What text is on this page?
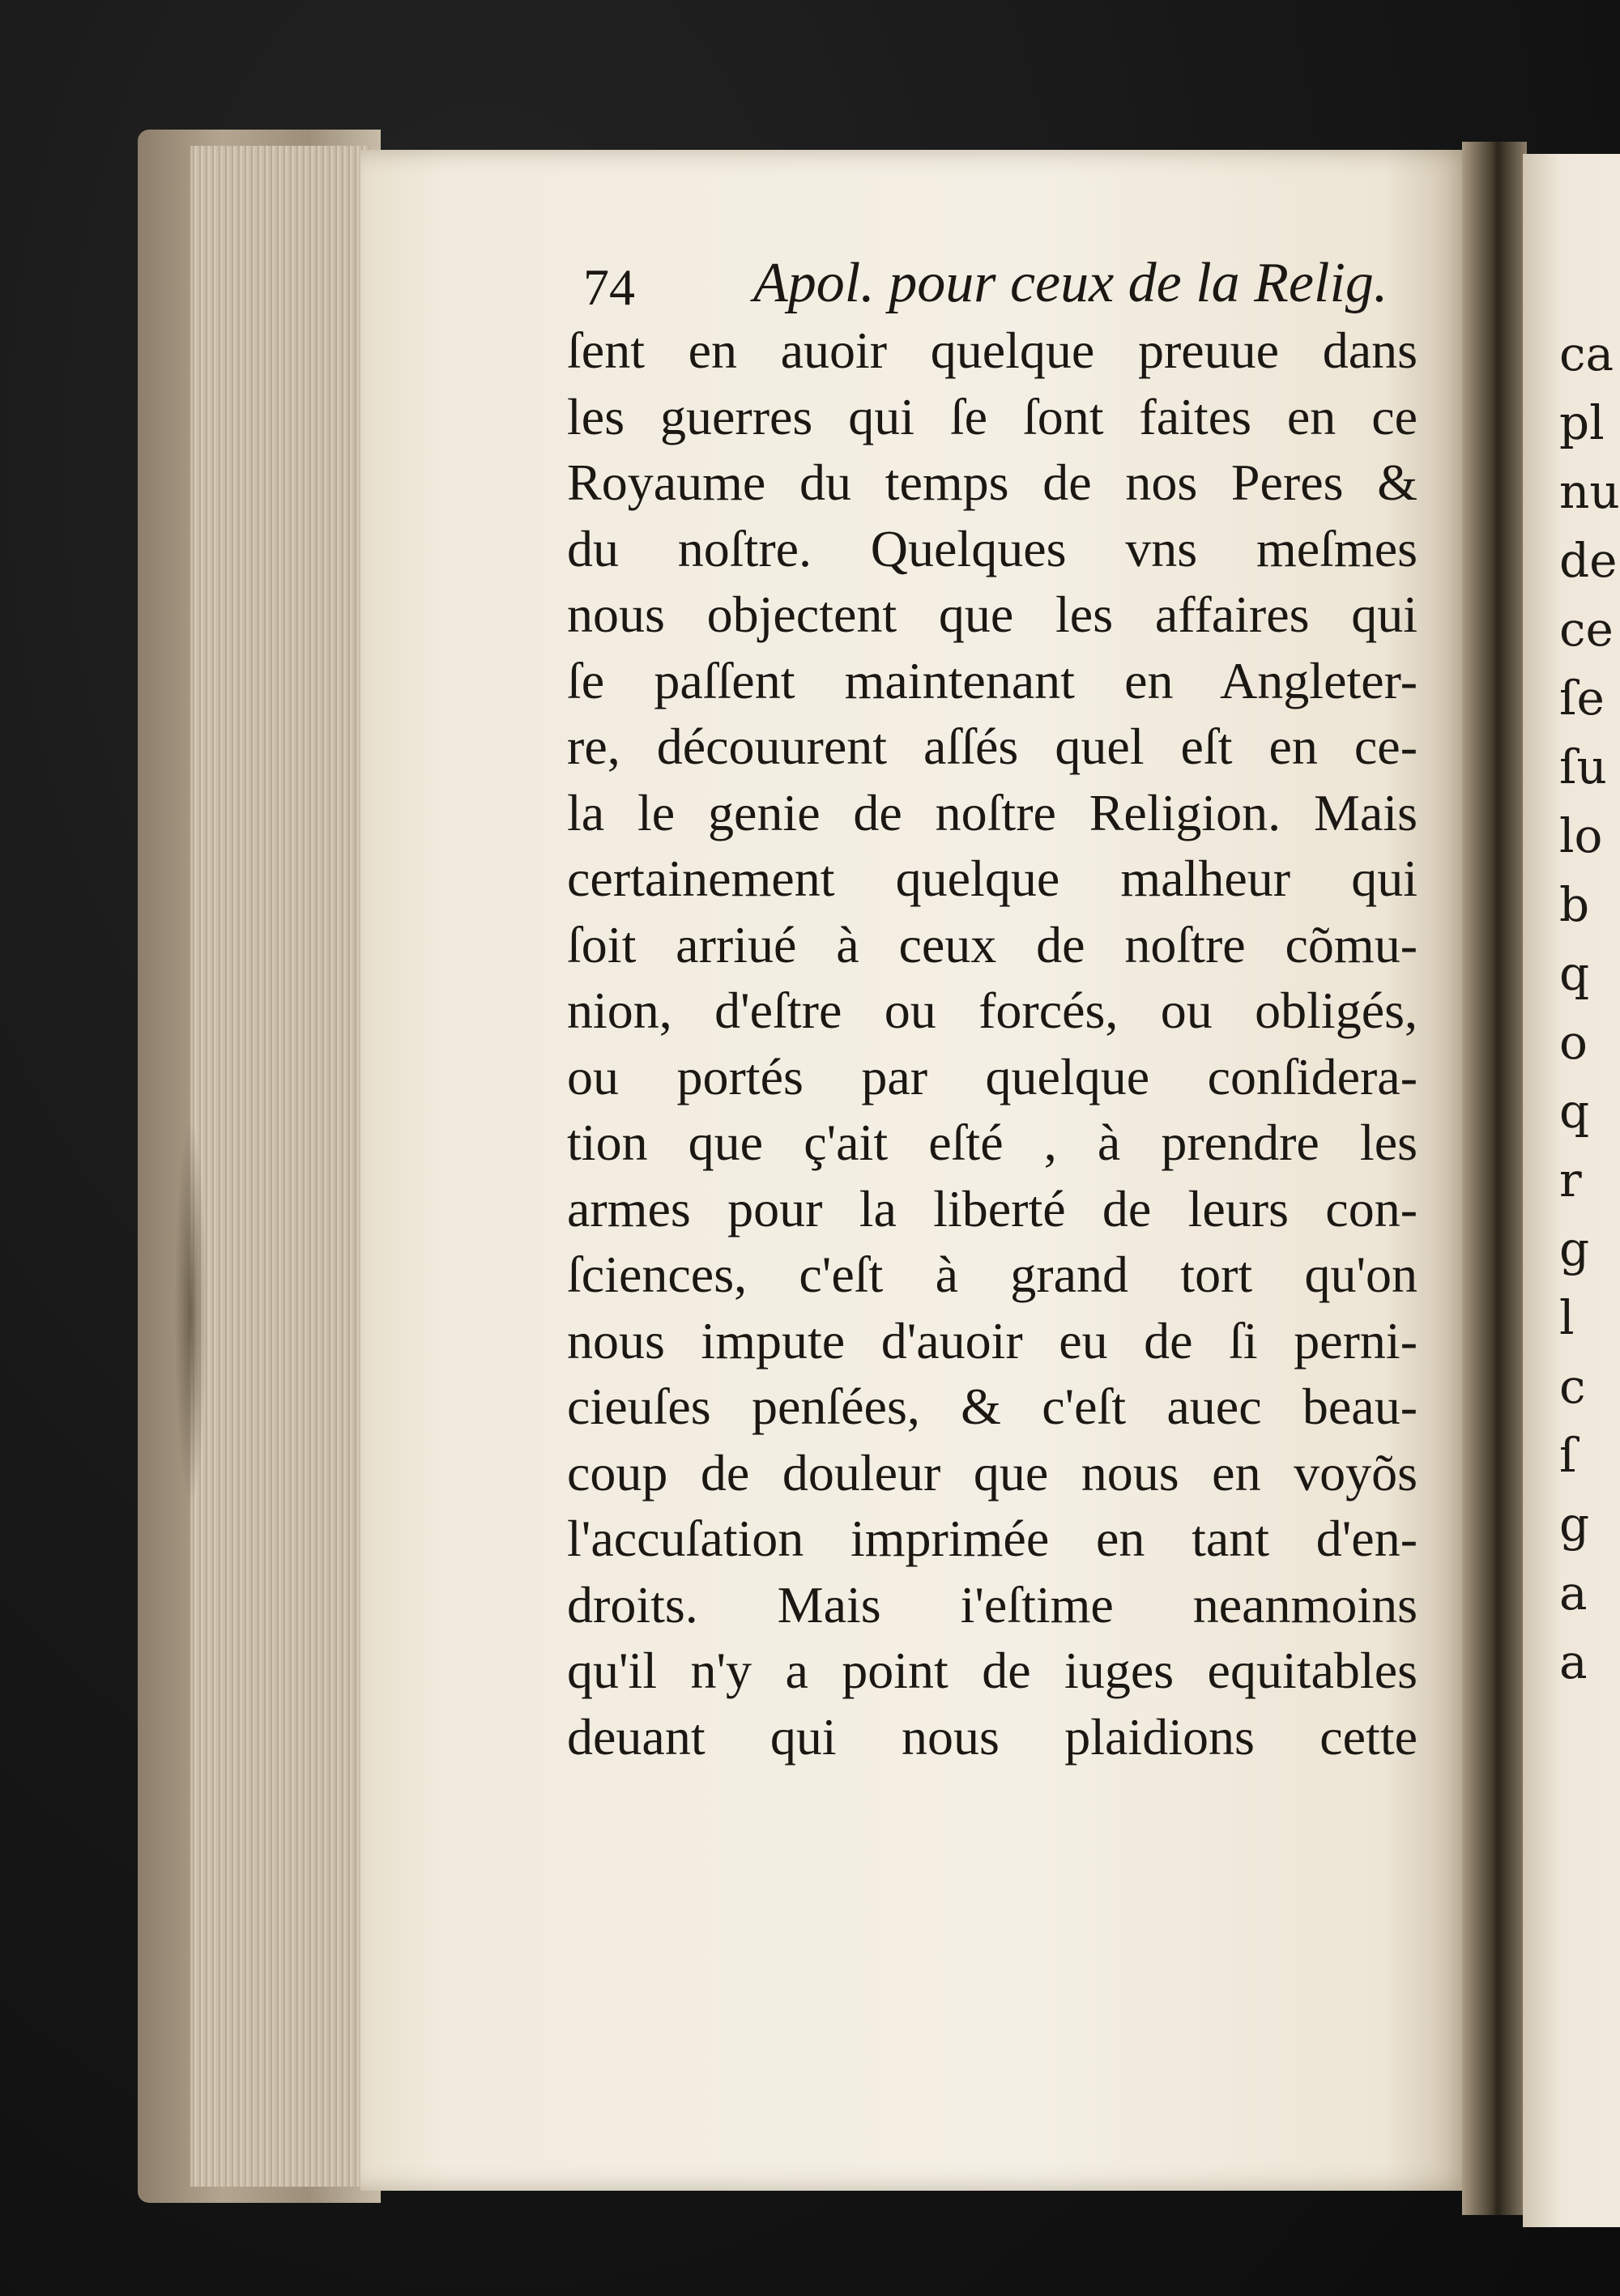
74 Apol. pour ceux de la Relig.
ſent en auoir quelque preuue dans
les guerres qui ſe ſont faites en ce
Royaume du temps de nos Peres &
du noſtre. Quelques vns meſmes
nous objectent que les affaires qui
ſe paſſent maintenant en Angleter-
re, découurent aſſés quel eſt en ce-
la le genie de noſtre Religion. Mais
certainement quelque malheur qui
ſoit arriué à ceux de noſtre cõmu-
nion, d'eſtre ou forcés, ou obligés,
ou portés par quelque conſidera-
tion que ç'ait eſté , à prendre les
armes pour la liberté de leurs con-
ſciences, c'eſt à grand tort qu'on
nous impute d'auoir eu de ſi perni-
cieuſes penſées, & c'eſt auec beau-
coup de douleur que nous en voyõs
l'accuſation imprimée en tant d'en-
droits. Mais i'eſtime neanmoins
qu'il n'y a point de iuges equitables
deuant qui nous plaidions cette
ca
pl
nu
de
ce
ſe
ſu
lo
b
q
o
q
r
g
l
c
ſ
g
a
a
